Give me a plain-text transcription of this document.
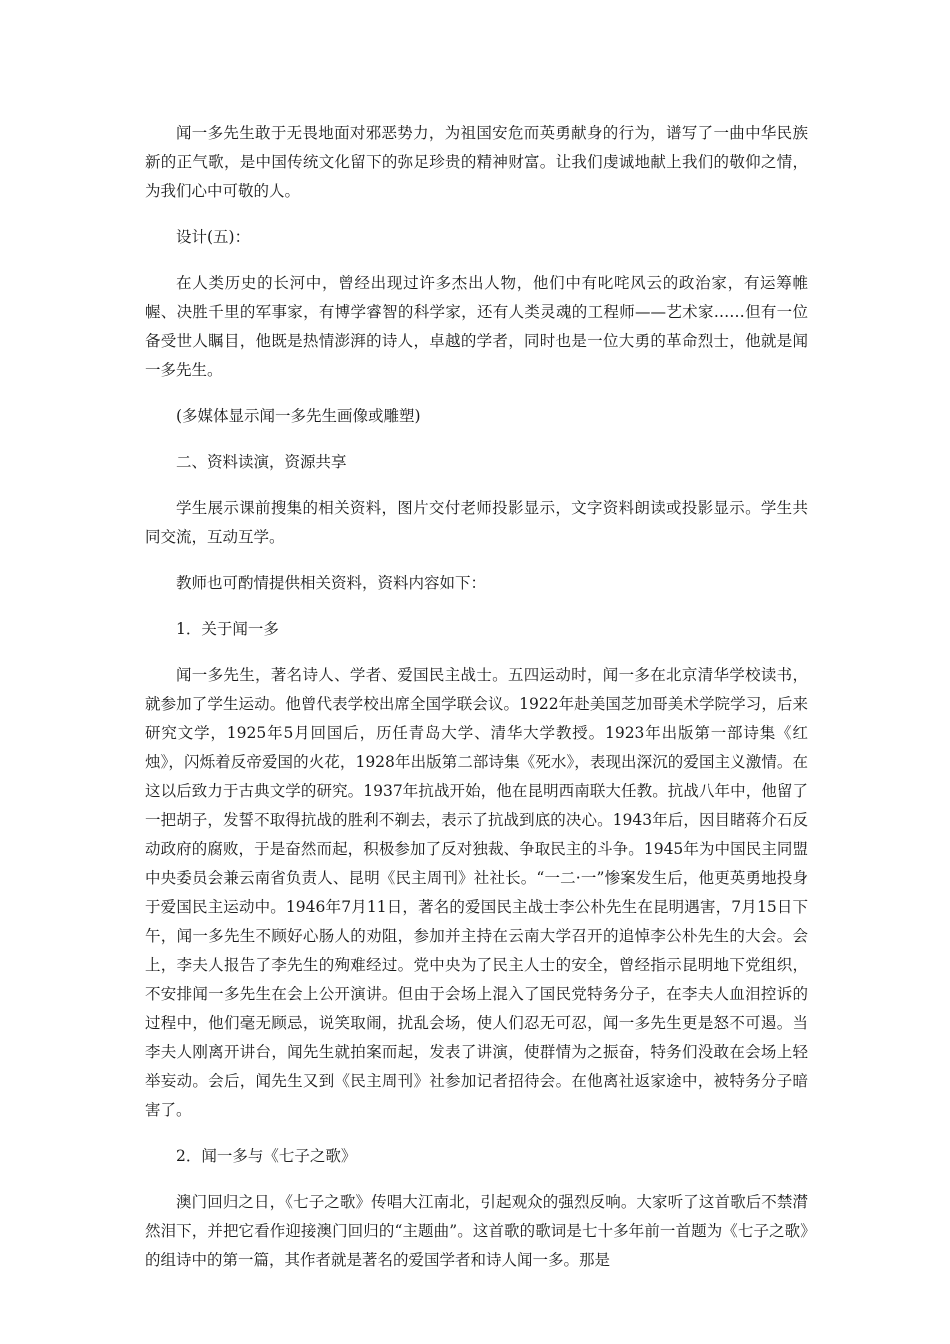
闻一多先生敢于无畏地面对邪恶势力，为祖国安危而英勇献身的行为，谱写了一曲中华民族新的正气歌，是中国传统文化留下的弥足珍贵的精神财富。让我们虔诚地献上我们的敬仰之情，为我们心中可敬的人。

设计(五)：

在人类历史的长河中，曾经出现过许多杰出人物，他们中有叱咤风云的政治家，有运筹帷幄、决胜千里的军事家，有博学睿智的科学家，还有人类灵魂的工程师——艺术家……但有一位备受世人瞩目，他既是热情澎湃的诗人，卓越的学者，同时也是一位大勇的革命烈士，他就是闻一多先生。

(多媒体显示闻一多先生画像或雕塑)

二、资料读演，资源共享

学生展示课前搜集的相关资料，图片交付老师投影显示，文字资料朗读或投影显示。学生共同交流，互动互学。

教师也可酌情提供相关资料，资料内容如下：

1．关于闻一多

闻一多先生，著名诗人、学者、爱国民主战士。五四运动时，闻一多在北京清华学校读书，就参加了学生运动。他曾代表学校出席全国学联会议。1922年赴美国芝加哥美术学院学习，后来研究文学，1925年5月回国后，历任青岛大学、清华大学教授。1923年出版第一部诗集《红烛》，闪烁着反帝爱国的火花，1928年出版第二部诗集《死水》，表现出深沉的爱国主义激情。在这以后致力于古典文学的研究。1937年抗战开始，他在昆明西南联大任教。抗战八年中，他留了一把胡子，发誓不取得抗战的胜利不剃去，表示了抗战到底的决心。1943年后，因目睹蒋介石反动政府的腐败，于是奋然而起，积极参加了反对独裁、争取民主的斗争。1945年为中国民主同盟中央委员会兼云南省负责人、昆明《民主周刊》社社长。“一二·一”惨案发生后，他更英勇地投身于爱国民主运动中。1946年7月11日，著名的爱国民主战士李公朴先生在昆明遇害，7月15日下午，闻一多先生不顾好心肠人的劝阻，参加并主持在云南大学召开的追悼李公朴先生的大会。会上，李夫人报告了李先生的殉难经过。党中央为了民主人士的安全，曾经指示昆明地下党组织，不安排闻一多先生在会上公开演讲。但由于会场上混入了国民党特务分子，在李夫人血泪控诉的过程中，他们毫无顾忌，说笑取闹，扰乱会场，使人们忍无可忍，闻一多先生更是怒不可遏。当李夫人刚离开讲台，闻先生就拍案而起，发表了讲演，使群情为之振奋，特务们没敢在会场上轻举妄动。会后，闻先生又到《民主周刊》社参加记者招待会。在他离社返家途中，被特务分子暗害了。

2．闻一多与《七子之歌》

澳门回归之日，《七子之歌》传唱大江南北，引起观众的强烈反响。大家听了这首歌后不禁潸然泪下，并把它看作迎接澳门回归的“主题曲”。这首歌的歌词是七十多年前一首题为《七子之歌》的组诗中的第一篇，其作者就是著名的爱国学者和诗人闻一多。那是
